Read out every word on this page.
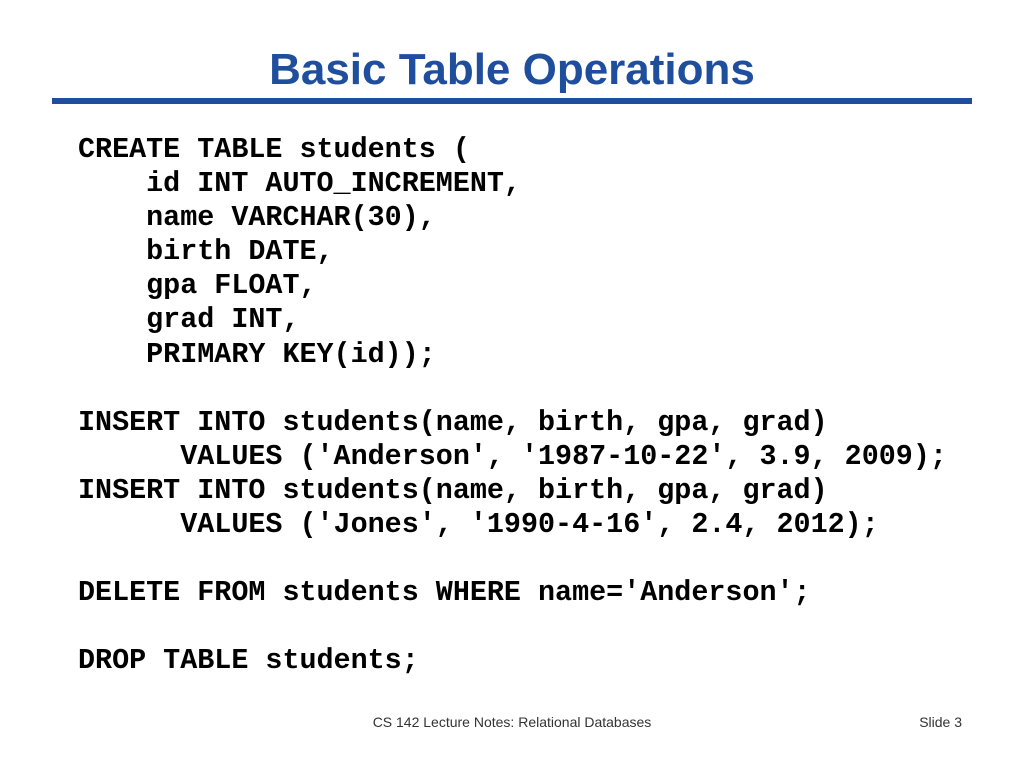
Basic Table Operations
CREATE TABLE students (
id INT AUTO_INCREMENT,
name VARCHAR(30),
birth DATE,
gpa FLOAT,
grad INT,
PRIMARY KEY(id));
INSERT INTO students(name, birth, gpa, grad)
VALUES ('Anderson', '1987-10-22', 3.9, 2009);
INSERT INTO students(name, birth, gpa, grad)
VALUES ('Jones', '1990-4-16', 2.4, 2012);
DELETE FROM students WHERE name='Anderson';
DROP TABLE students;
CS 142 Lecture Notes: Relational Databases	Slide 3
